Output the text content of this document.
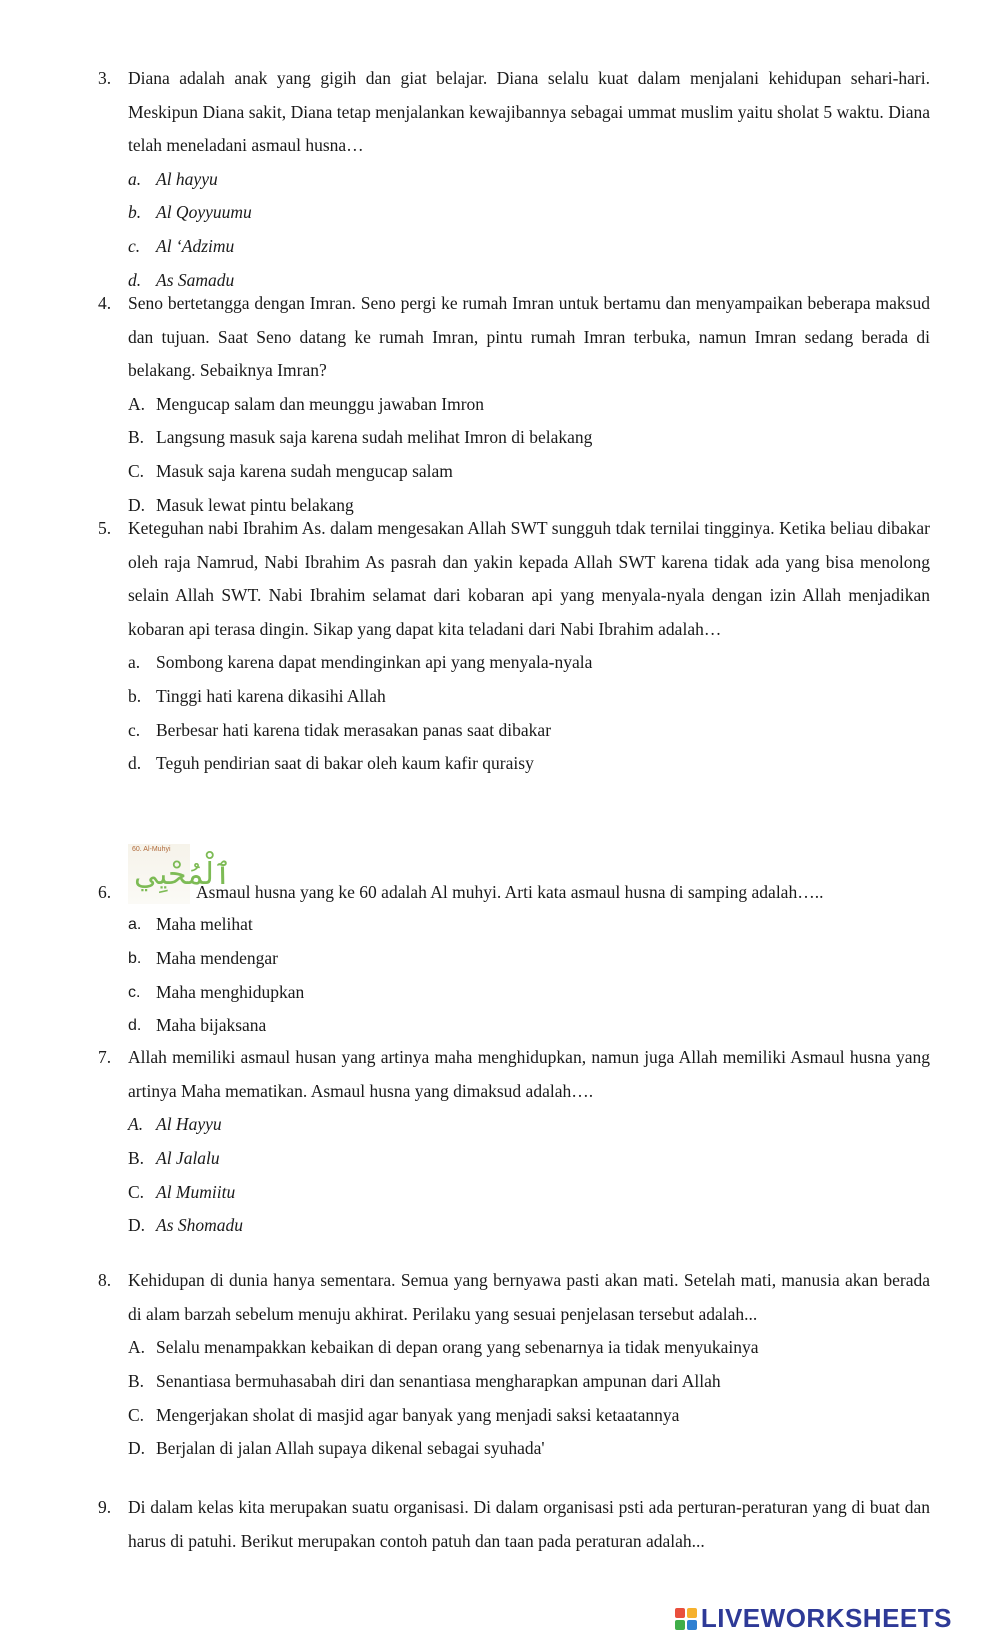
3. Diana adalah anak yang gigih dan giat belajar. Diana selalu kuat dalam menjalani kehidupan sehari-hari. Meskipun Diana sakit, Diana tetap menjalankan kewajibannya sebagai ummat muslim yaitu sholat 5 waktu. Diana telah meneladani asmaul husna…
a. Al hayyu
b. Al Qoyyuumu
c. Al ‘Adzimu
d. As Samadu
4. Seno bertetangga dengan Imran. Seno pergi ke rumah Imran untuk bertamu dan menyampaikan beberapa maksud dan tujuan. Saat Seno datang ke rumah Imran, pintu rumah Imran terbuka, namun Imran sedang berada di belakang. Sebaiknya Imran?
A. Mengucap salam dan meunggu jawaban Imron
B. Langsung masuk saja karena sudah melihat Imron di belakang
C. Masuk saja karena sudah mengucap salam
D. Masuk lewat pintu belakang
5. Keteguhan nabi Ibrahim As. dalam mengesakan Allah SWT sungguh tdak ternilai tingginya. Ketika beliau dibakar oleh raja Namrud, Nabi Ibrahim As pasrah dan yakin kepada Allah SWT karena tidak ada yang bisa menolong selain Allah SWT. Nabi Ibrahim selamat dari kobaran api yang menyala-nyala dengan izin Allah menjadikan kobaran api terasa dingin. Sikap yang dapat kita teladani dari Nabi Ibrahim adalah…
a. Sombong karena dapat mendinginkan api yang menyala-nyala
b. Tinggi hati karena dikasihi Allah
c. Berbesar hati karena tidak merasakan panas saat dibakar
d. Teguh pendirian saat di bakar oleh kaum kafir quraisy
6.
60. Al-Muhyi
ٱلْمُحْيِي
Asmaul husna yang ke 60 adalah Al muhyi. Arti kata asmaul husna di samping adalah…..
a. Maha melihat
b. Maha mendengar
c. Maha menghidupkan
d. Maha bijaksana
7. Allah memiliki asmaul husan yang artinya maha menghidupkan, namun juga Allah memiliki Asmaul husna yang artinya Maha mematikan. Asmaul husna yang dimaksud adalah….
A. Al Hayyu
B. Al Jalalu
C. Al Mumiitu
D. As Shomadu
8. Kehidupan di dunia hanya sementara. Semua yang bernyawa pasti akan mati. Setelah mati, manusia akan berada di alam barzah sebelum menuju akhirat. Perilaku yang sesuai penjelasan tersebut adalah...
A. Selalu menampakkan kebaikan di depan orang yang sebenarnya ia tidak menyukainya
B. Senantiasa bermuhasabah diri dan senantiasa mengharapkan ampunan dari Allah
C. Mengerjakan sholat di masjid agar banyak yang menjadi saksi ketaatannya
D. Berjalan di jalan Allah supaya dikenal sebagai syuhada'
9. Di dalam kelas kita merupakan suatu organisasi. Di dalam organisasi psti ada perturan-peraturan yang di buat dan harus di patuhi. Berikut merupakan contoh patuh dan taan pada peraturan adalah...
LIVEWORKSHEETS
